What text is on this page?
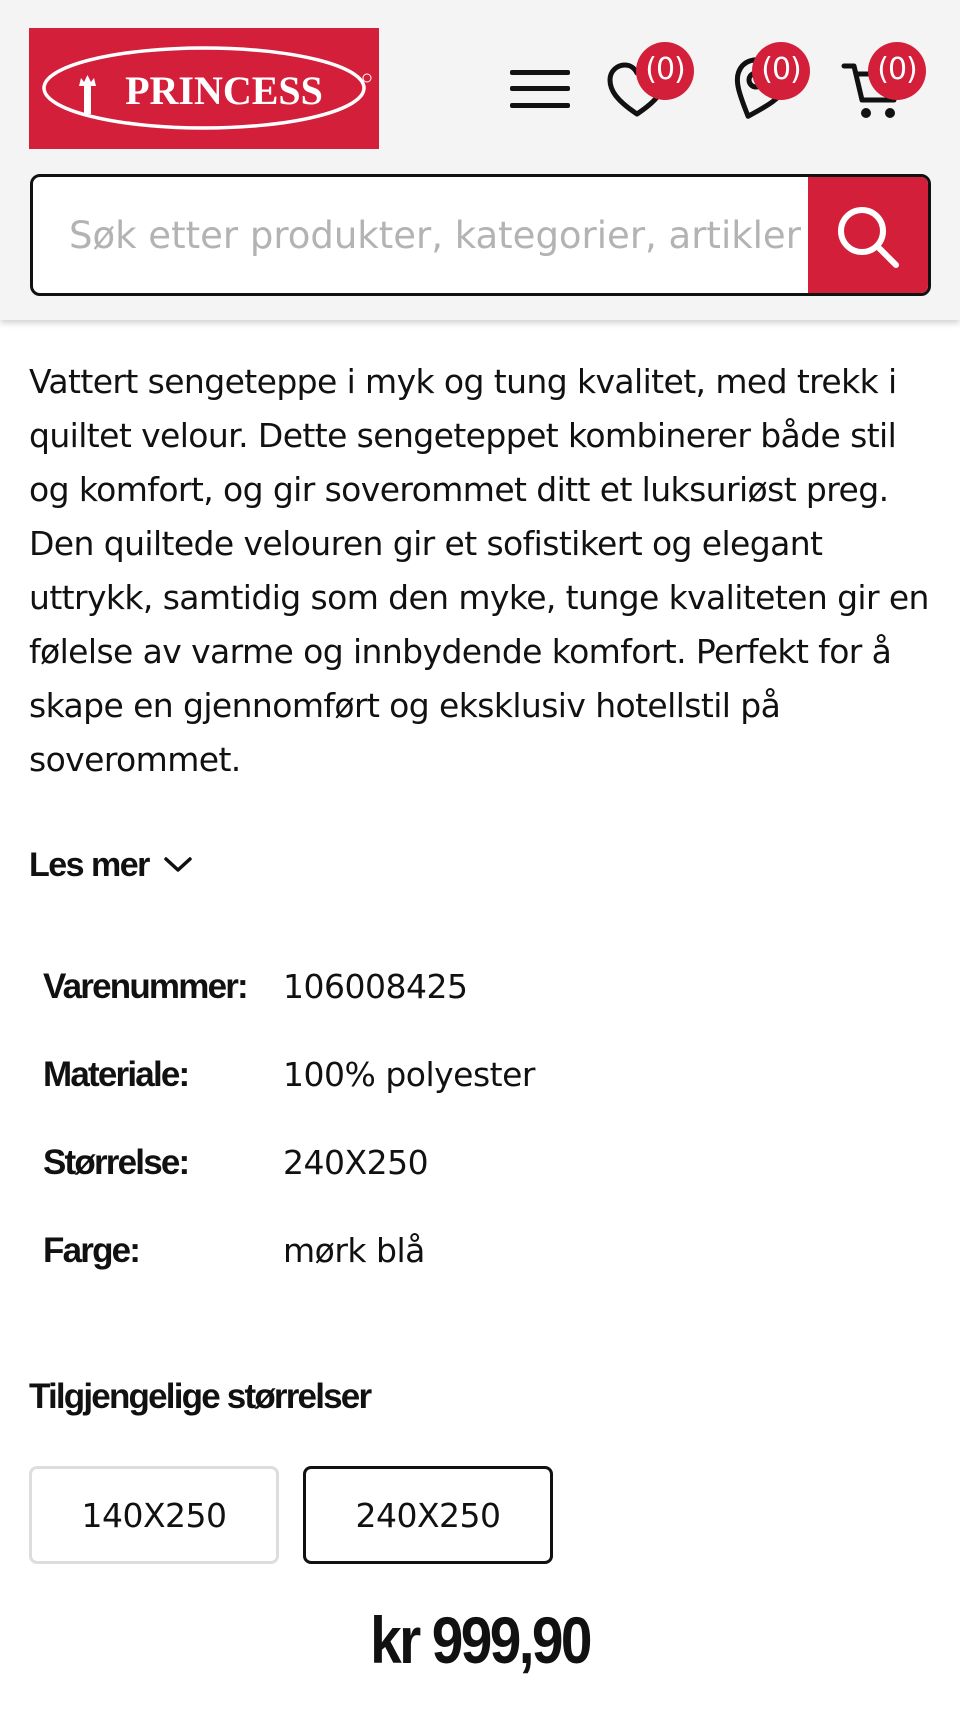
PRINCESS	(0)	(0)	(0)
Søk etter produkter, kategorier, artikler

Vattert sengeteppe i myk og tung kvalitet, med trekk i quiltet velour. Dette sengeteppet kombinerer både stil og komfort, og gir soverommet ditt et luksuriøst preg. Den quiltede velouren gir et sofistikert og elegant uttrykk, samtidig som den myke, tunge kvaliteten gir en følelse av varme og innbydende komfort. Perfekt for å skape en gjennomført og eksklusiv hotellstil på soverommet.

Les mer
Varenummer: 106008425
Materiale:	100% polyester
Størrelse:	240X250
Farge:	mørk blå
Tilgjengelige størrelser
140X250	240X250
kr 999,90
